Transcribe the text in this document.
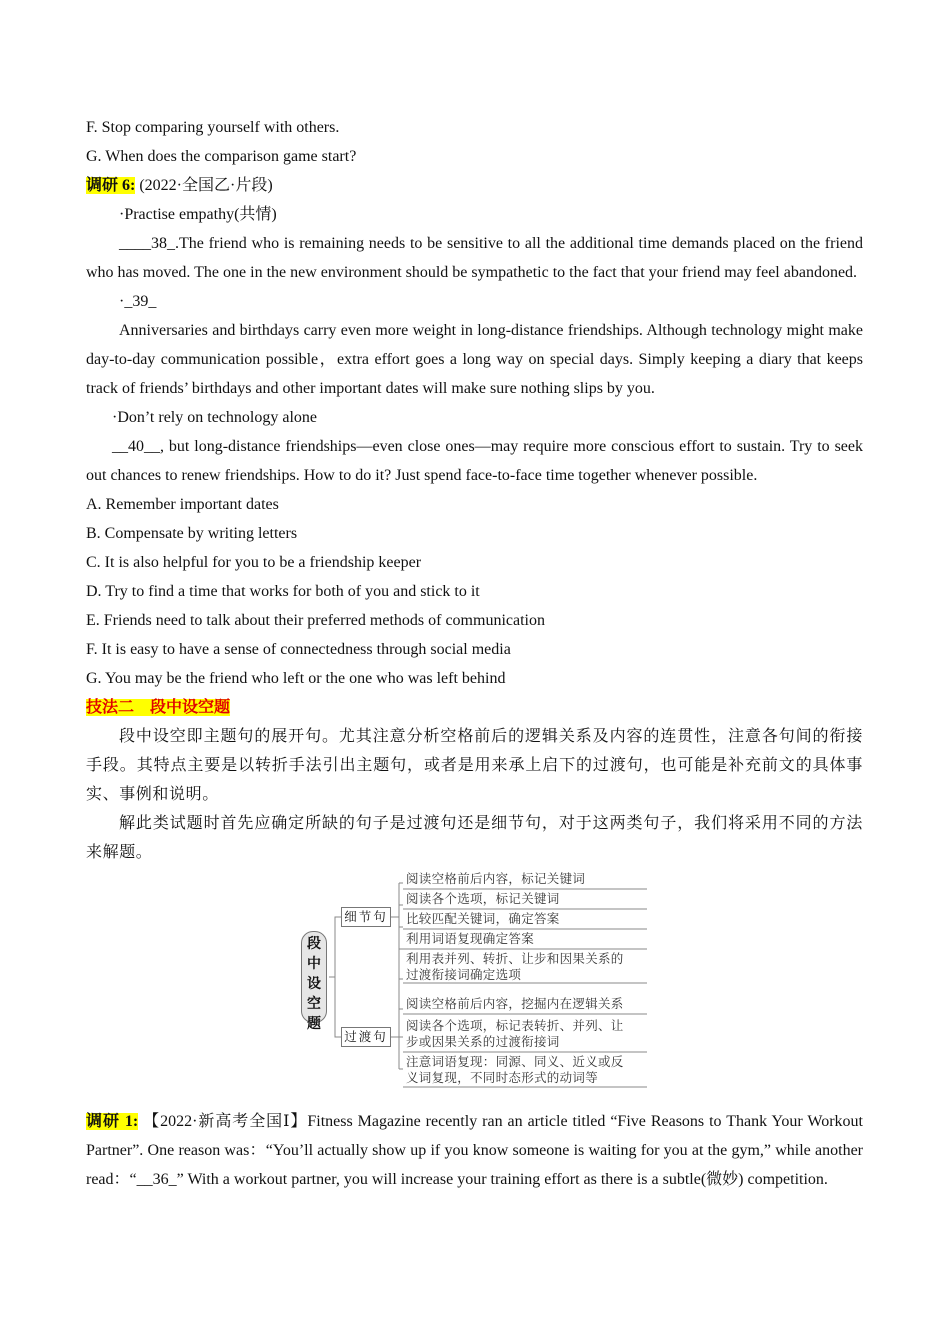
F. Stop comparing yourself with others.
G. When does the comparison game start?
调研 6: (2022·全国乙·片段)
·Practise empathy(共情)
____38_.The friend who is remaining needs to be sensitive to all the additional time demands placed on the friend who has moved. The one in the new environment should be sympathetic to the fact that your friend may feel abandoned.
·_39_
Anniversaries and birthdays carry even more weight in long-distance friendships. Although technology might make day-to-day communication possible，extra effort goes a long way on special days. Simply keeping a diary that keeps track of friends’ birthdays and other important dates will make sure nothing slips by you.
·Don’t rely on technology alone
__40__, but long-distance friendships—even close ones—may require more conscious effort to sustain. Try to seek out chances to renew friendships. How to do it? Just spend face-to-face time together whenever possible.
A. Remember important dates
B. Compensate by writing letters
C. It is also helpful for you to be a friendship keeper
D. Try to find a time that works for both of you and stick to it
E. Friends need to talk about their preferred methods of communication
F. It is easy to have a sense of connectedness through social media
G. You may be the friend who left or the one who was left behind
技法二　段中设空题
段中设空即主题句的展开句。尤其注意分析空格前后的逻辑关系及内容的连贯性，注意各句间的衔接手段。其特点主要是以转折手法引出主题句，或者是用来承上启下的过渡句，也可能是补充前文的具体事实、事例和说明。
解此类试题时首先应确定所缺的句子是过渡句还是细节句，对于这两类句子，我们将采用不同的方法来解题。
段
中
设
空
题
细节句
过渡句
阅读空格前后内容，标记关键词
阅读各个选项，标记关键词
比较匹配关键词，确定答案
利用词语复现确定答案
利用表并列、转折、让步和因果关系的
过渡衔接词确定选项
阅读空格前后内容，挖掘内在逻辑关系
阅读各个选项，标记表转折、并列、让
步或因果关系的过渡衔接词
注意词语复现：同源、同义、近义或反
义词复现，不同时态形式的动词等
调研 1: 【2022·新高考全国Ⅰ】Fitness Magazine recently ran an article titled “Five Reasons to Thank Your Workout Partner”. One reason was：“You’ll actually show up if you know someone is waiting for you at the gym,” while another read：“__36_” With a workout partner, you will increase your training effort as there is a subtle(微妙) competition.
